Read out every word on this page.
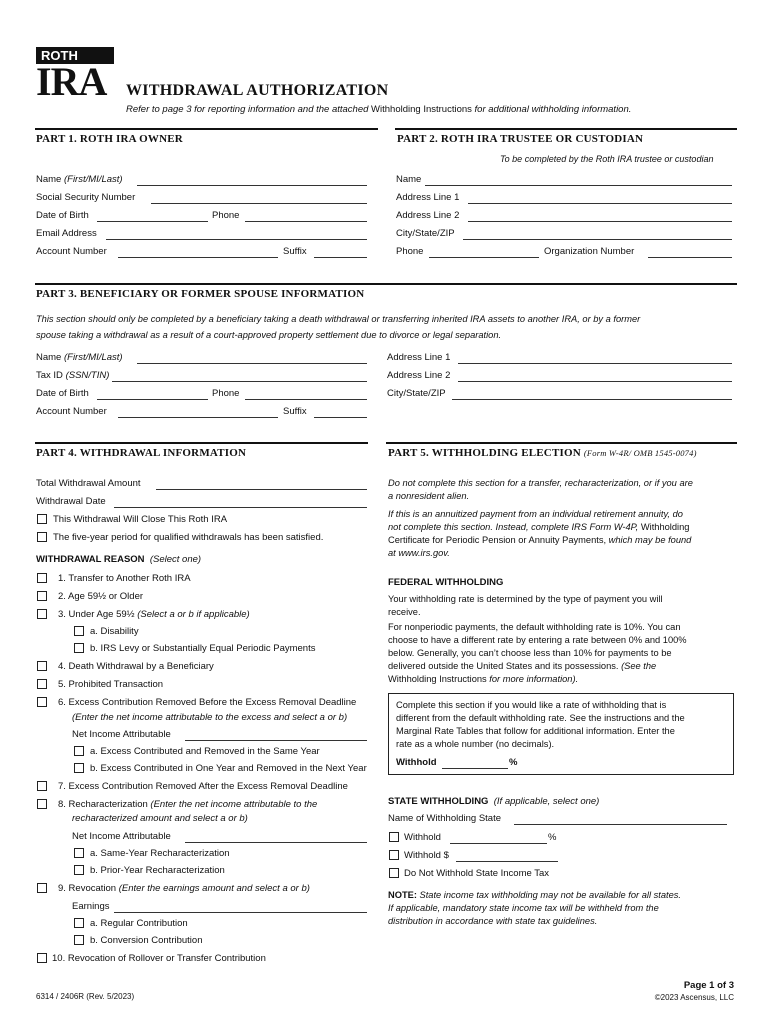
ROTH
IRA WITHDRAWAL AUTHORIZATION
Refer to page 3 for reporting information and the attached Withholding Instructions for additional withholding information.
PART 1. ROTH IRA OWNER
Name (First/MI/Last)
Social Security Number
Date of Birth	Phone
Email Address
Account Number	Suffix
PART 2. ROTH IRA TRUSTEE OR CUSTODIAN
To be completed by the Roth IRA trustee or custodian
Name
Address Line 1
Address Line 2
City/State/ZIP
Phone	Organization Number
PART 3. BENEFICIARY OR FORMER SPOUSE INFORMATION
This section should only be completed by a beneficiary taking a death withdrawal or transferring inherited IRA assets to another IRA, or by a former
spouse taking a withdrawal as a result of a court-approved property settlement due to divorce or legal separation.
Name (First/MI/Last)
Tax ID (SSN/TIN)
Date of Birth	Phone
Account Number	Suffix
Address Line 1
Address Line 2
City/State/ZIP
PART 4. WITHDRAWAL INFORMATION
Total Withdrawal Amount
Withdrawal Date
This Withdrawal Will Close This Roth IRA
The five-year period for qualified withdrawals has been satisfied.
WITHDRAWAL REASON (Select one)
1. Transfer to Another Roth IRA
2. Age 59½ or Older
3. Under Age 59½ (Select a or b if applicable)
a. Disability
b. IRS Levy or Substantially Equal Periodic Payments
4. Death Withdrawal by a Beneficiary
5. Prohibited Transaction
6. Excess Contribution Removed Before the Excess Removal Deadline
(Enter the net income attributable to the excess and select a or b)
Net Income Attributable
a. Excess Contributed and Removed in the Same Year
b. Excess Contributed in One Year and Removed in the Next Year
7. Excess Contribution Removed After the Excess Removal Deadline
8. Recharacterization (Enter the net income attributable to the
recharacterized amount and select a or b)
Net Income Attributable
a. Same-Year Recharacterization
b. Prior-Year Recharacterization
9. Revocation (Enter the earnings amount and select a or b)
Earnings
a. Regular Contribution
b. Conversion Contribution
10. Revocation of Rollover or Transfer Contribution
PART 5. WITHHOLDING ELECTION (Form W-4R/ OMB 1545-0074)
Do not complete this section for a transfer, recharacterization, or if you are
a nonresident alien.
If this is an annuitized payment from an individual retirement annuity, do
not complete this section. Instead, complete IRS Form W-4P, Withholding
Certificate for Periodic Pension or Annuity Payments, which may be found
at www.irs.gov.
FEDERAL WITHHOLDING
Your withholding rate is determined by the type of payment you will
receive.
For nonperiodic payments, the default withholding rate is 10%. You can
choose to have a different rate by entering a rate between 0% and 100%
below. Generally, you can’t choose less than 10% for payments to be
delivered outside the United States and its possessions. (See the
Withholding Instructions for more information).
Complete this section if you would like a rate of withholding that is
different from the default withholding rate. See the instructions and the
Marginal Rate Tables that follow for additional information. Enter the
rate as a whole number (no decimals).
Withhold	%
STATE WITHHOLDING (If applicable, select one)
Name of Withholding State
Withhold	%
Withhold $
Do Not Withhold State Income Tax
NOTE: State income tax withholding may not be available for all states.
If applicable, mandatory state income tax will be withheld from the
distribution in accordance with state tax guidelines.
6314 / 2406R (Rev. 5/2023)
Page 1 of 3
©2023 Ascensus, LLC
